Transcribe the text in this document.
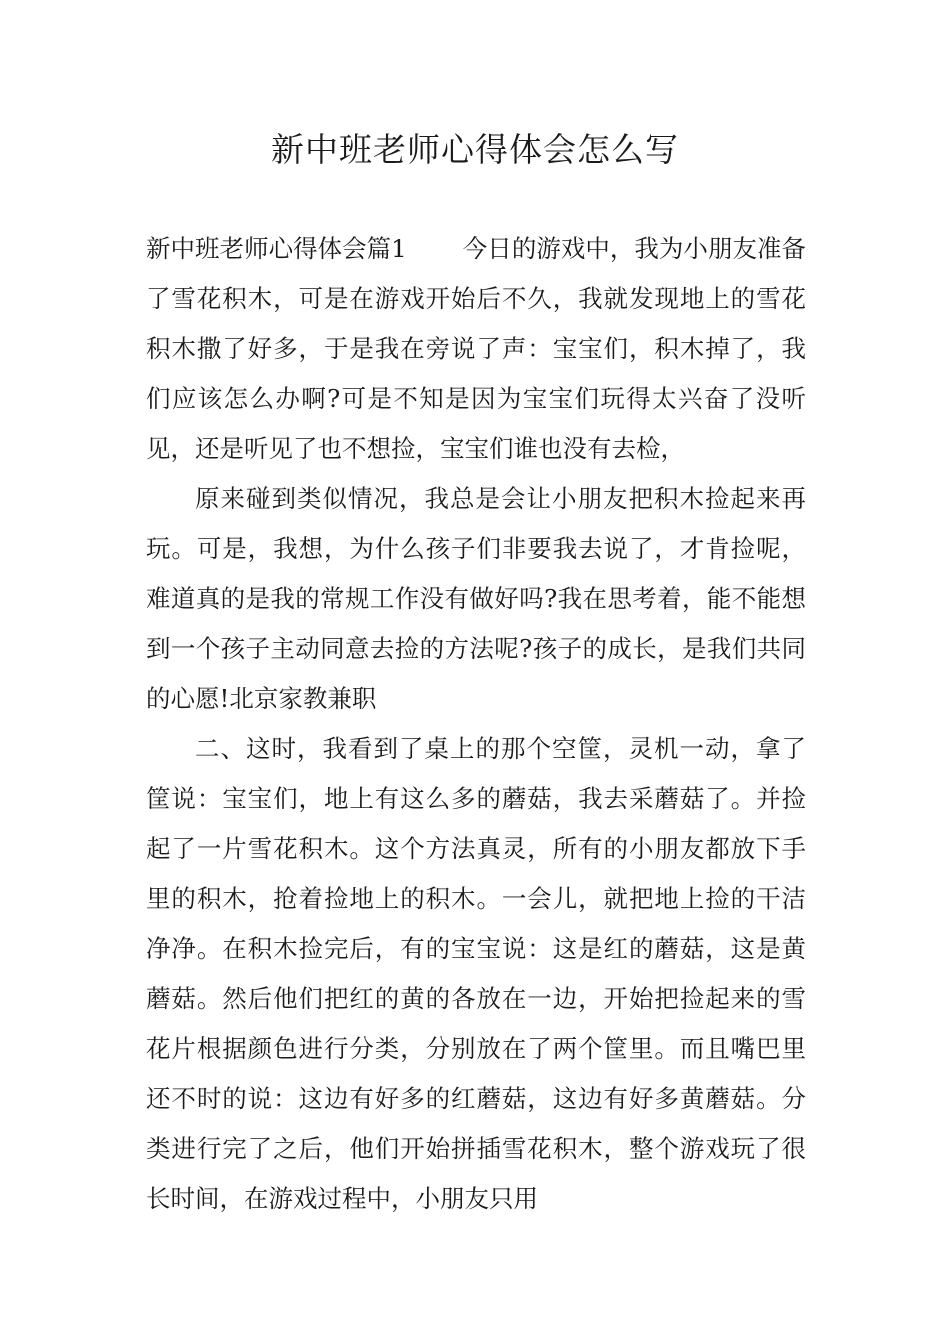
新中班老师心得体会怎么写

新中班老师心得体会篇1 今日的游戏中，我为小朋友准备了雪花积木，可是在游戏开始后不久，我就发现地上的雪花积木撒了好多，于是我在旁说了声：宝宝们，积木掉了，我们应该怎么办啊?可是不知是因为宝宝们玩得太兴奋了没听见，还是听见了也不想捡，宝宝们谁也没有去检，

原来碰到类似情况，我总是会让小朋友把积木捡起来再玩。可是，我想，为什么孩子们非要我去说了，才肯捡呢，难道真的是我的常规工作没有做好吗?我在思考着，能不能想到一个孩子主动同意去捡的方法呢?孩子的成长，是我们共同的心愿!北京家教兼职

二、这时，我看到了桌上的那个空筐，灵机一动，拿了筐说：宝宝们，地上有这么多的蘑菇，我去采蘑菇了。并捡起了一片雪花积木。这个方法真灵，所有的小朋友都放下手里的积木，抢着捡地上的积木。一会儿，就把地上捡的干洁净净。在积木捡完后，有的宝宝说：这是红的蘑菇，这是黄蘑菇。然后他们把红的黄的各放在一边，开始把捡起来的雪花片根据颜色进行分类，分别放在了两个筐里。而且嘴巴里还不时的说：这边有好多的红蘑菇，这边有好多黄蘑菇。分类进行完了之后，他们开始拼插雪花积木，整个游戏玩了很长时间，在游戏过程中，小朋友只用
